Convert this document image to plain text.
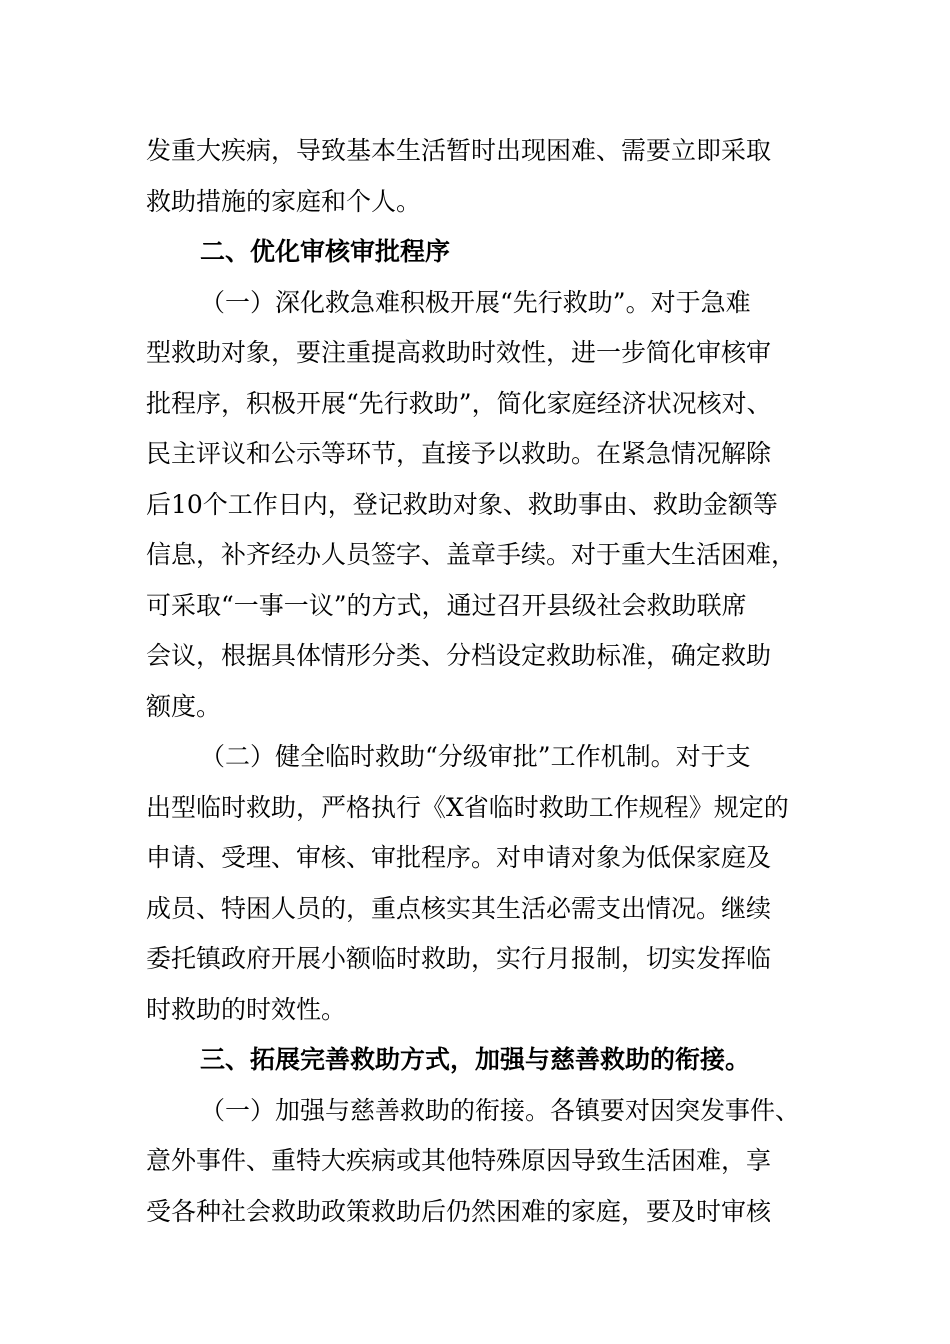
发重大疾病，导致基本生活暂时出现困难、需要立即采取
救助措施的家庭和个人。
二、优化审核审批程序
（一）深化救急难积极开展“先行救助”。对于急难
型救助对象，要注重提高救助时效性，进一步简化审核审
批程序，积极开展“先行救助”，简化家庭经济状况核对、
民主评议和公示等环节，直接予以救助。在紧急情况解除
后10个工作日内，登记救助对象、救助事由、救助金额等
信息，补齐经办人员签字、盖章手续。对于重大生活困难，
可采取“一事一议”的方式，通过召开县级社会救助联席
会议，根据具体情形分类、分档设定救助标准，确定救助
额度。
（二）健全临时救助“分级审批”工作机制。对于支
出型临时救助，严格执行《X省临时救助工作规程》规定的
申请、受理、审核、审批程序。对申请对象为低保家庭及
成员、特困人员的，重点核实其生活必需支出情况。继续
委托镇政府开展小额临时救助，实行月报制，切实发挥临
时救助的时效性。
三、拓展完善救助方式，加强与慈善救助的衔接。
（一）加强与慈善救助的衔接。各镇要对因突发事件、
意外事件、重特大疾病或其他特殊原因导致生活困难，享
受各种社会救助政策救助后仍然困难的家庭，要及时审核
